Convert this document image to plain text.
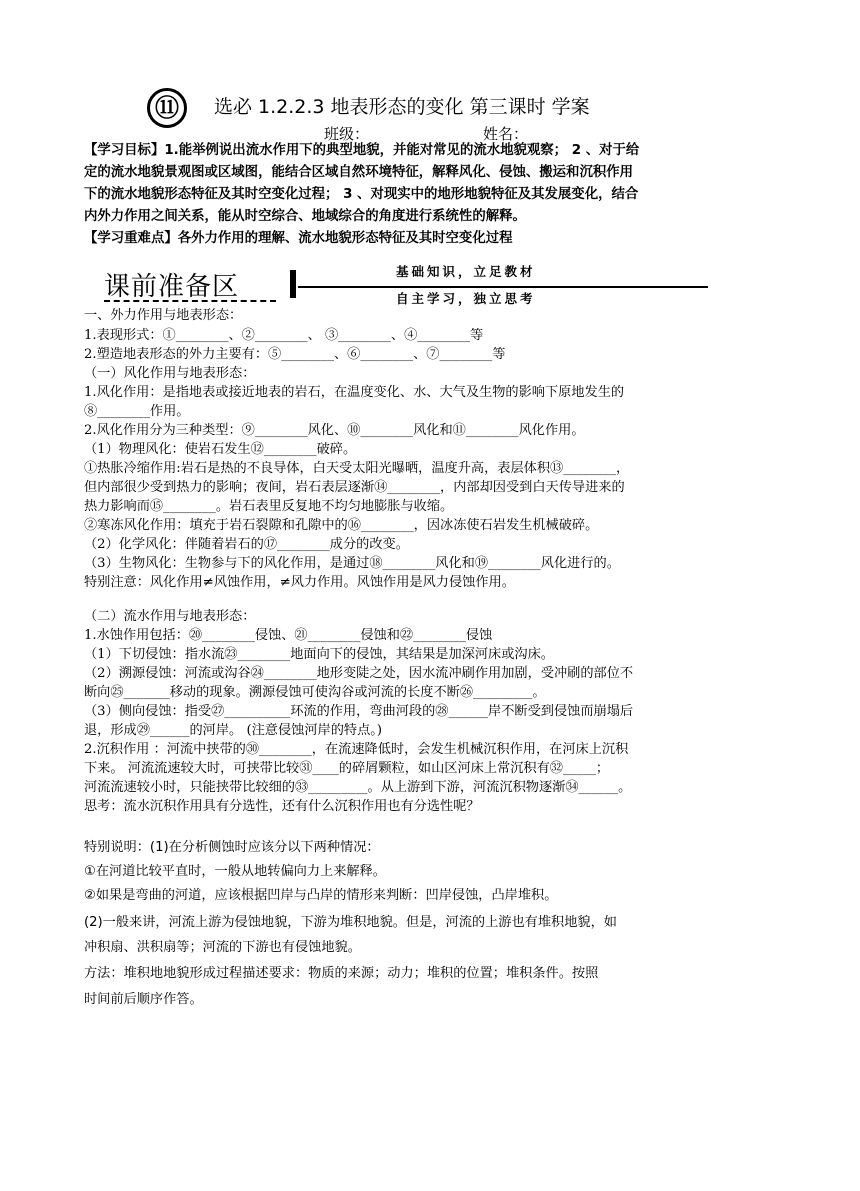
⑪	选必 1.2.2.3 地表形态的变化 第三课时 学案
班级：	姓名：

【学习目标】1.能举例说出流水作用下的典型地貌，并能对常见的流水地貌观察； 2 、对于给

定的流水地貌景观图或区域图，能结合区域自然环境特征，解释风化、侵蚀、搬运和沉积作用

下的流水地貌形态特征及其时空变化过程； 3 、对现实中的地形地貌特征及其发展变化，结合

内外力作用之间关系，能从时空综合、地域综合的角度进行系统性的解释。

【学习重难点】各外力作用的理解、流水地貌形态特征及其时空变化过程

课前准备区
基础知识，立足教材
自主学习，独立思考
一、外力作用与地表形态：
1.表现形式：①________、②________、 ③________、④________等
2.塑造地表形态的外力主要有：⑤________、⑥________、⑦________等
（一）风化作用与地表形态：
1.风化作用：是指地表或接近地表的岩石，在温度变化、水、大气及生物的影响下原地发生的
⑧________作用。
2.风化作用分为三种类型：⑨________风化、⑩________风化和⑪________风化作用。
（1）物理风化：使岩石发生⑫________破碎。
①热胀冷缩作用:岩石是热的不良导体，白天受太阳光曝晒，温度升高，表层体积⑬________，
但内部很少受到热力的影响；夜间，岩石表层逐渐⑭________，内部却因受到白天传导进来的
热力影响而⑮________。岩石表里反复地不均匀地膨胀与收缩。
②寒冻风化作用：填充于岩石裂隙和孔隙中的⑯________，因冰冻使石岩发生机械破碎。
（2）化学风化：伴随着岩石的⑰________成分的改变。
（3）生物风化：生物参与下的风化作用，是通过⑱________风化和⑲________风化进行的。
特别注意：风化作用≠风蚀作用，≠风力作用。风蚀作用是风力侵蚀作用。
（二）流水作用与地表形态：
1.水蚀作用包括：⑳________侵蚀、㉑________侵蚀和㉒________侵蚀
（1）下切侵蚀：指水流㉓________地面向下的侵蚀，其结果是加深河床或沟床。
（2）溯源侵蚀：河流或沟谷㉔________地形变陡之处，因水流冲刷作用加剧，受冲刷的部位不
断向㉕_______移动的现象。溯源侵蚀可使沟谷或河流的长度不断㉖_________。
（3）侧向侵蚀：指受㉗__________环流的作用，弯曲河段的㉘______岸不断受到侵蚀而崩塌后
退，形成㉙______的河岸。 (注意侵蚀河岸的特点。)
2.沉积作用 ：河流中挟带的㉚________，在流速降低时，会发生机械沉积作用，在河床上沉积
下来。 河流流速较大时，可挟带比较㉛____的碎屑颗粒，如山区河床上常沉积有㉜_____；
河流流速较小时，只能挟带比较细的㉝_________。从上游到下游，河流沉积物逐渐㉞______。
思考：流水沉积作用具有分选性，还有什么沉积作用也有分选性呢？
特别说明：(1)在分析侧蚀时应该分以下两种情况：
①在河道比较平直时，一般从地转偏向力上来解释。
②如果是弯曲的河道，应该根据凹岸与凸岸的情形来判断：凹岸侵蚀，凸岸堆积。
(2)一般来讲，河流上游为侵蚀地貌，下游为堆积地貌。但是，河流的上游也有堆积地貌，如
冲积扇、洪积扇等；河流的下游也有侵蚀地貌。
方法：堆积地地貌形成过程描述要求：物质的来源；动力；堆积的位置；堆积条件。按照
时间前后顺序作答。
